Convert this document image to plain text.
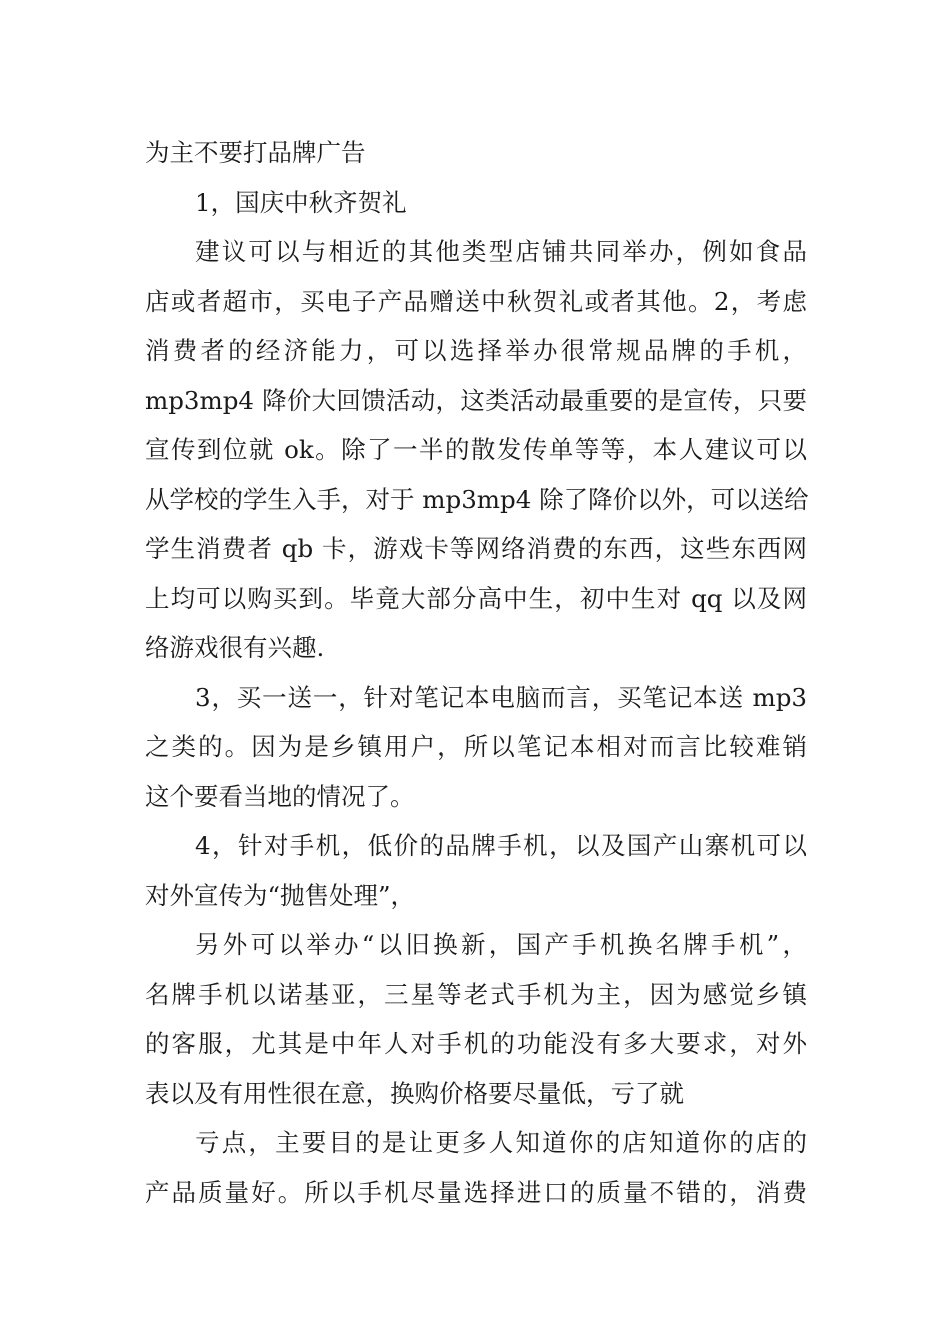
为主不要打品牌广告
1，国庆中秋齐贺礼
建议可以与相近的其他类型店铺共同举办，例如食品
店或者超市，买电子产品赠送中秋贺礼或者其他。2，考虑
消费者的经济能力，可以选择举办很常规品牌的手机，
mp3mp4 降价大回馈活动，这类活动最重要的是宣传，只要
宣传到位就 ok。除了一半的散发传单等等，本人建议可以
从学校的学生入手，对于 mp3mp4 除了降价以外，可以送给
学生消费者 qb 卡，游戏卡等网络消费的东西，这些东西网
上均可以购买到。毕竟大部分高中生，初中生对 qq 以及网
络游戏很有兴趣.
3，买一送一，针对笔记本电脑而言，买笔记本送 mp3
之类的。因为是乡镇用户，所以笔记本相对而言比较难销
这个要看当地的情况了。
4，针对手机，低价的品牌手机，以及国产山寨机可以
对外宣传为“抛售处理”，
另外可以举办“以旧换新，国产手机换名牌手机”，
名牌手机以诺基亚，三星等老式手机为主，因为感觉乡镇
的客服，尤其是中年人对手机的功能没有多大要求，对外
表以及有用性很在意，换购价格要尽量低，亏了就
亏点，主要目的是让更多人知道你的店知道你的店的
产品质量好。所以手机尽量选择进口的质量不错的，消费
